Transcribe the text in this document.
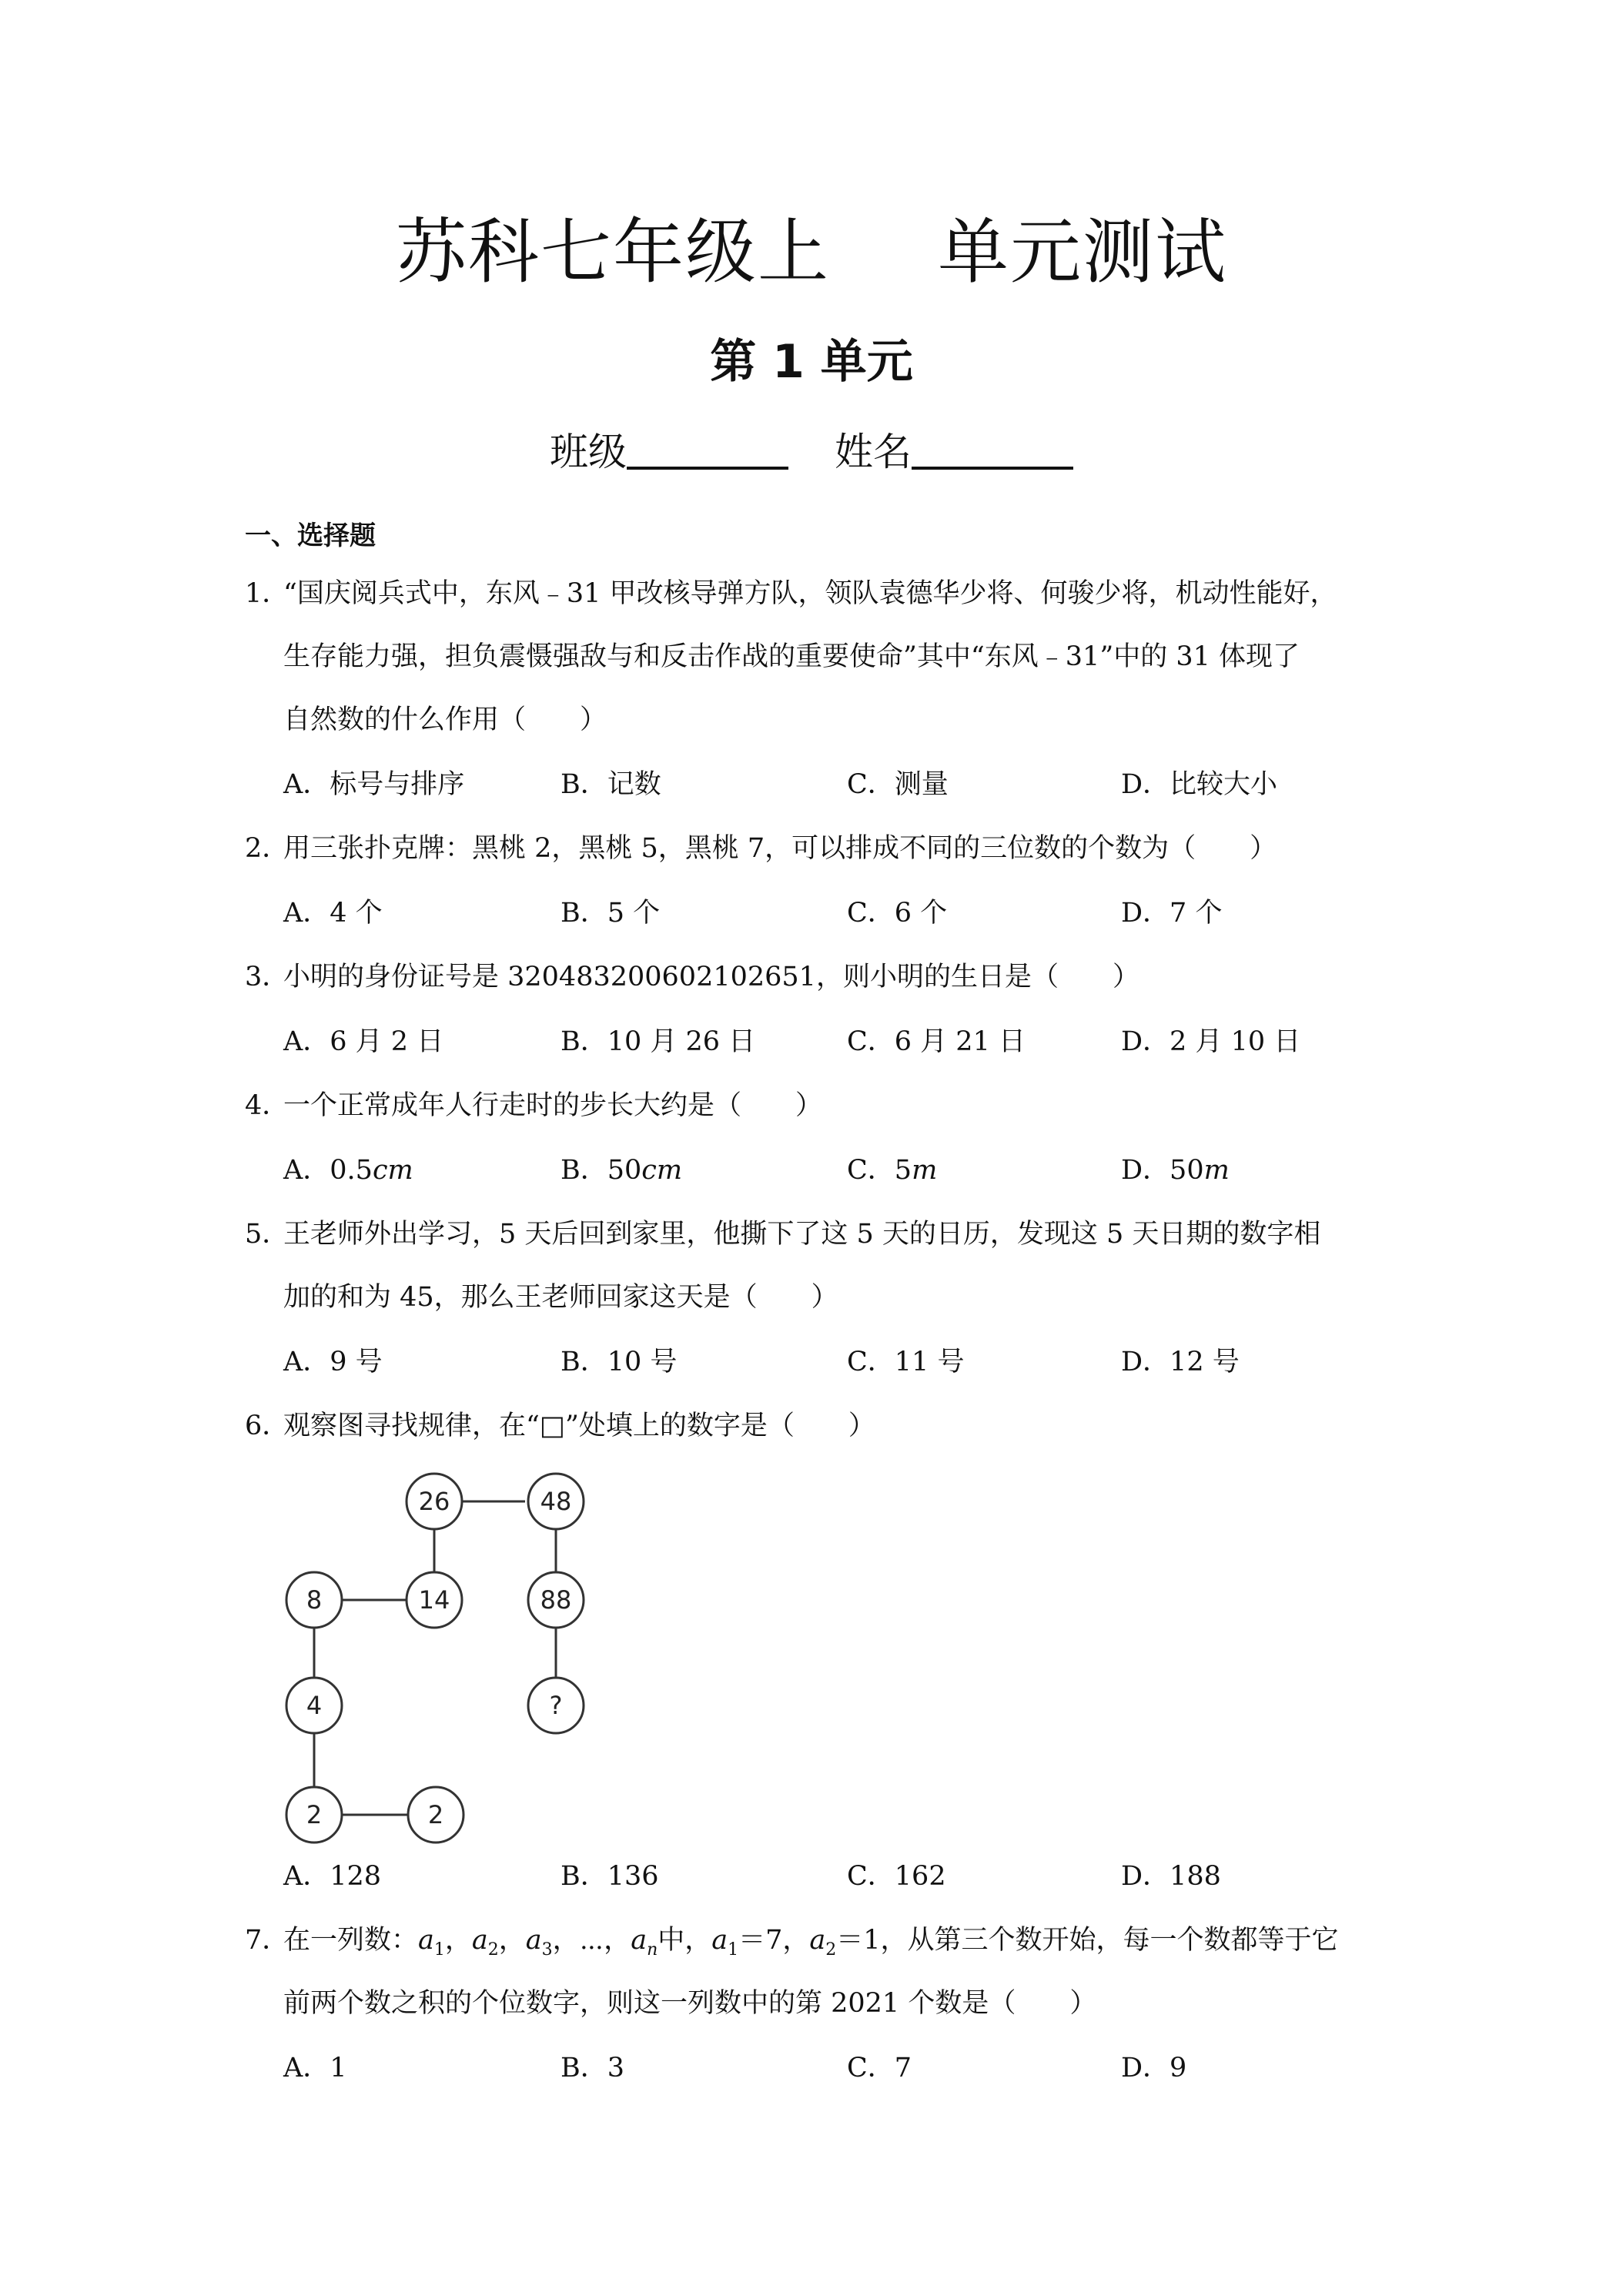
苏科七年级上 单元测试
第 1 单元
班级	姓名
一、选择题
1．
“国庆阅兵式中，东风﹣31 甲改核导弹方队，领队袁德华少将、何骏少将，机动性能好，
生存能力强，担负震慑强敌与和反击作战的重要使命”其中“东风﹣31”中的 31 体现了
自然数的什么作用（　　）
A．标号与排序	B．记数	C．测量	D．比较大小
2．
用三张扑克牌：黑桃 2，黑桃 5，黑桃 7，可以排成不同的三位数的个数为（　　）
A．4 个	B．5 个	C．6 个	D．7 个
3．
小明的身份证号是 320483200602102651，则小明的生日是（　　）
A．6 月 2 日	B．10 月 26 日	C．6 月 21 日	D．2 月 10 日
4．
一个正常成年人行走时的步长大约是（　　）
A．0.5cm	B．50cm	C．5m	D．50m
5．
王老师外出学习，5 天后回到家里，他撕下了这 5 天的日历，发现这 5 天日期的数字相
加的和为 45，那么王老师回家这天是（　　）
A．9 号	B．10 号	C．11 号	D．12 号
6．
观察图寻找规律，在“□”处填上的数字是（　　）
26	48
8	14	88
4	?
2	2
A．128	B．136	C．162	D．188
7．
在一列数：$a_1$，$a_2$，$a_3$，⋯，$a_n$中，$a_1=7$，$a_2=1$，从第三个数开始，每一个数都等于它
前两个数之积的个位数字，则这一列数中的第 2021 个数是（　　）
A．1	B．3	C．7	D．9
